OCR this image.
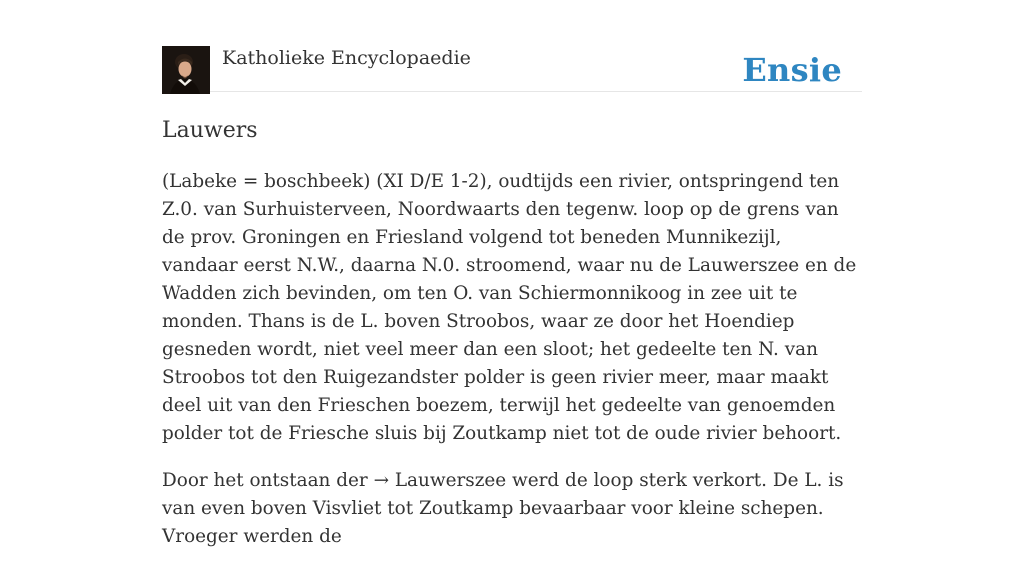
Katholieke Encyclopaedie	Ensie
Lauwers

(Labeke = boschbeek) (XI D/E 1-2), oudtijds een rivier, ontspringend ten Z.0. van Surhuisterveen, Noordwaarts den tegenw. loop op de grens van de prov. Groningen en Friesland volgend tot beneden Munnikezijl, vandaar eerst N.W., daarna N.0. stroomend, waar nu de Lauwerszee en de Wadden zich bevinden, om ten O. van Schiermonnikoog in zee uit te monden. Thans is de L. boven Stroobos, waar ze door het Hoendiep gesneden wordt, niet veel meer dan een sloot; het gedeelte ten N. van Stroobos tot den Ruigezandster polder is geen rivier meer, maar maakt deel uit van den Frieschen boezem, terwijl het gedeelte van genoemden polder tot de Friesche sluis bij Zoutkamp niet tot de oude rivier behoort.

Door het ontstaan der → Lauwerszee werd de loop sterk verkort. De L. is van even boven Visvliet tot Zoutkamp bevaarbaar voor kleine schepen. Vroeger werden de
